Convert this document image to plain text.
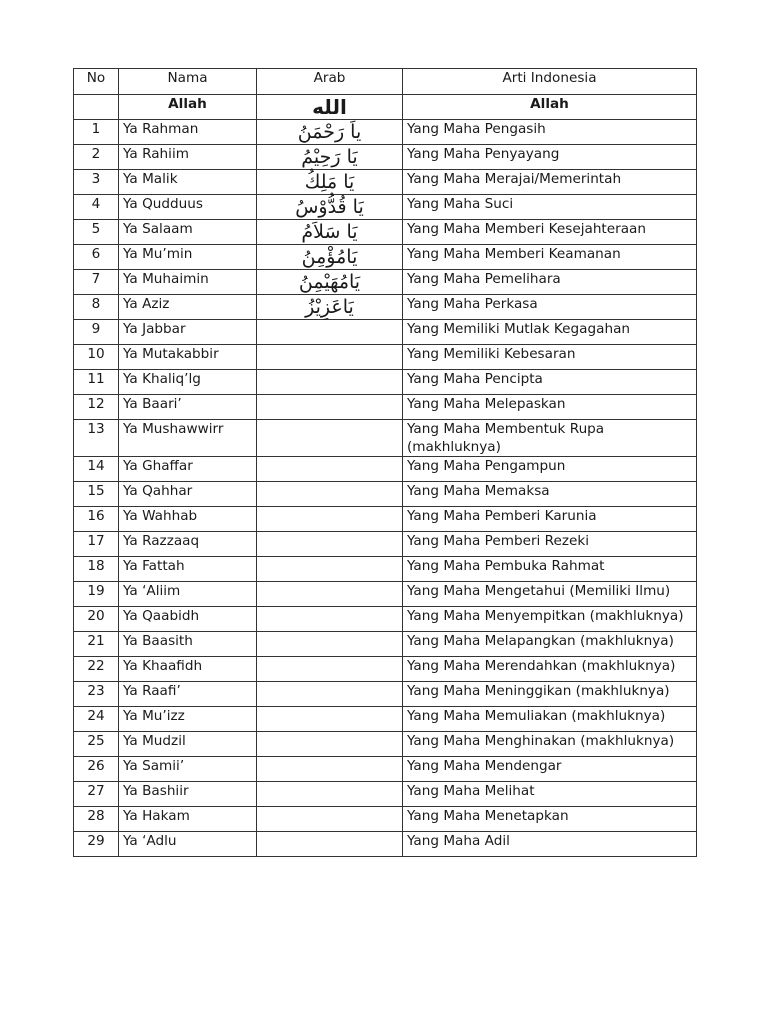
No	Nama	Arab	Arti Indonesia
	Allah	الله	Allah
1	Ya Rahman	ياَ رَحْمَنُ	Yang Maha Pengasih
2	Ya Rahiim	يَا رَحِيْمُ	Yang Maha Penyayang
3	Ya Malik	يَا مَلِكُ	Yang Maha Merajai/Memerintah
4	Ya Qudduus	يَا قُدُّوْسُ	Yang Maha Suci
5	Ya Salaam	يَا سَلاَمُ	Yang Maha Memberi Kesejahteraan
6	Ya Mu’min	يَامُؤْمِنُ	Yang Maha Memberi Keamanan
7	Ya Muhaimin	يَامُهَيْمِنُ	Yang Maha Pemelihara
8	Ya Aziz	يَاعَزِيْزُ	Yang Maha Perkasa
9	Ya Jabbar		Yang Memiliki Mutlak Kegagahan
10	Ya Mutakabbir		Yang Memiliki Kebesaran
11	Ya Khaliq’lg		Yang Maha Pencipta
12	Ya Baari’		Yang Maha Melepaskan
13	Ya Mushawwirr		Yang Maha Membentuk Rupa (makhluknya)
14	Ya Ghaffar		Yang Maha Pengampun
15	Ya Qahhar		Yang Maha Memaksa
16	Ya Wahhab		Yang Maha Pemberi Karunia
17	Ya Razzaaq		Yang Maha Pemberi Rezeki
18	Ya Fattah		Yang Maha Pembuka Rahmat
19	Ya ‘Aliim		Yang Maha Mengetahui (Memiliki Ilmu)
20	Ya Qaabidh		Yang Maha Menyempitkan (makhluknya)
21	Ya Baasith		Yang Maha Melapangkan (makhluknya)
22	Ya Khaafidh		Yang Maha Merendahkan (makhluknya)
23	Ya Raafi’		Yang Maha Meninggikan (makhluknya)
24	Ya Mu’izz		Yang Maha Memuliakan (makhluknya)
25	Ya Mudzil		Yang Maha Menghinakan (makhluknya)
26	Ya Samii’		Yang Maha Mendengar
27	Ya Bashiir		Yang Maha Melihat
28	Ya Hakam		Yang Maha Menetapkan
29	Ya ‘Adlu		Yang Maha Adil
